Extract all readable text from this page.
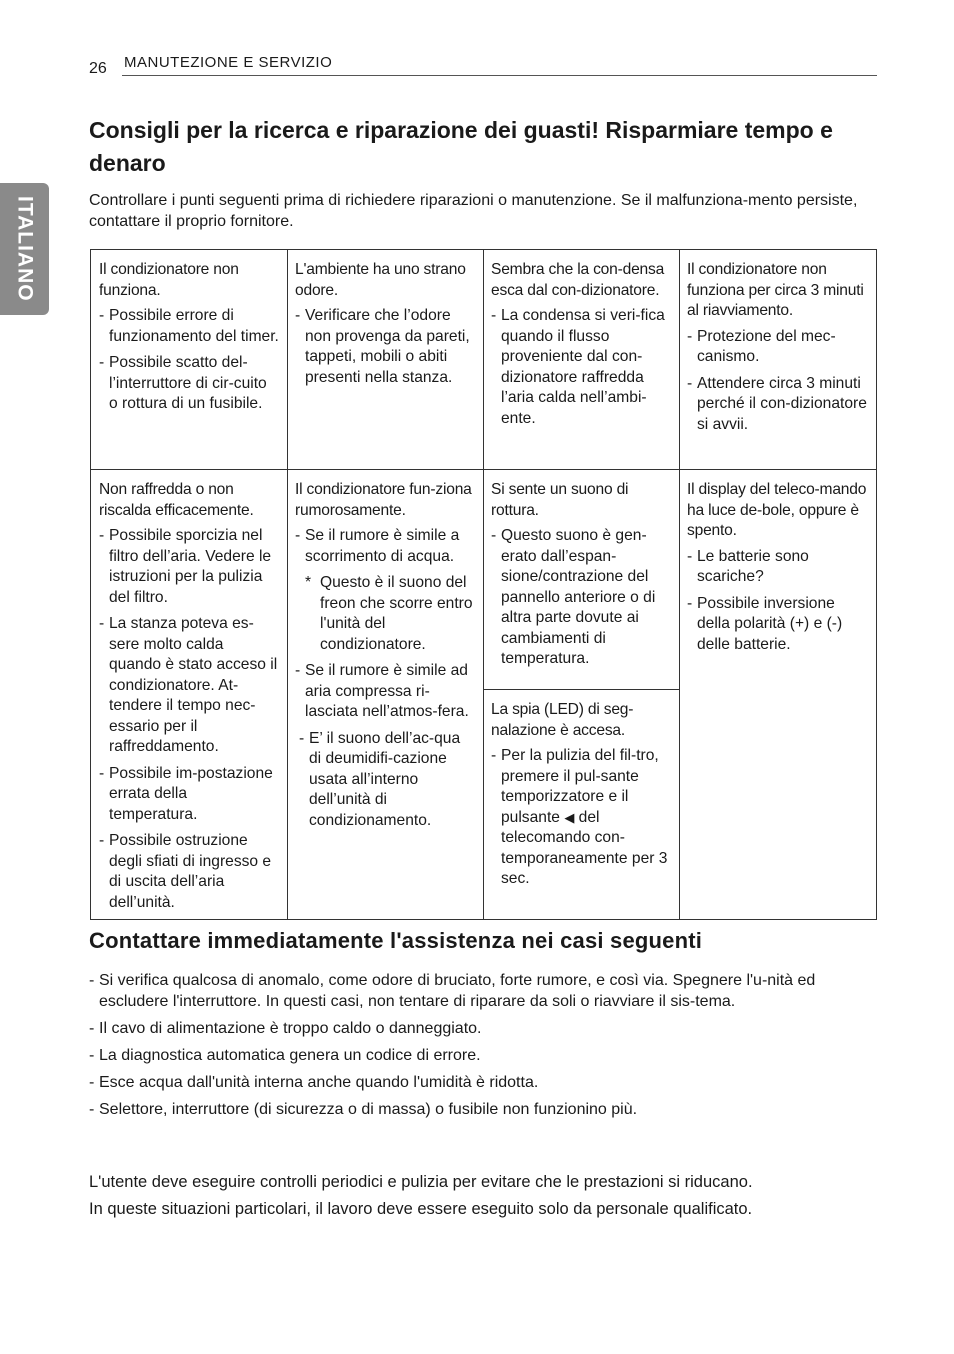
26 MANUTEZIONE E SERVIZIO
ITALIANO
Consigli per la ricerca e riparazione dei guasti! Risparmiare tempo e denaro

Controllare i punti seguenti prima di richiedere riparazioni o manutenzione. Se il malfunziona-mento persiste, contattare il proprio fornitore.

Il condizionatore non funziona.
- Possibile errore di funzionamento del timer.
- Possibile scatto del-l’interruttore di cir-cuito o rottura di un fusibile.
L'ambiente ha uno strano odore.
- Verificare che l’odore non provenga da pareti, tappeti, mobili o abiti presenti nella stanza.
Sembra che la con-densa esca dal con-dizionatore.
- La condensa si veri-fica quando il flusso proveniente dal con-dizionatore raffredda l’aria calda nell’ambi-ente.
Il condizionatore non funziona per circa 3 minuti al riavviamento.
- Protezione del mec-canismo.
- Attendere circa 3 minuti perché il con-dizionatore si avvii.
Non raffredda o non riscalda efficacemente.
- Possibile sporcizia nel filtro dell’aria. Vedere le istruzioni per la pulizia del filtro.
- La stanza poteva es-sere molto calda quando è stato acceso il condizionatore. At-tendere il tempo nec-essario per il raffreddamento.
- Possibile im-postazione errata della temperatura.
- Possibile ostruzione degli sfiati di ingresso e di uscita dell’aria dell’unità.
Il condizionatore fun-ziona rumorosamente.
- Se il rumore è simile a scorrimento di acqua.
* Questo è il suono del freon che scorre entro l'unità del condizionatore.
- Se il rumore è simile ad aria compressa ri-lasciata nell’atmos-fera.
- E’ il suono dell’ac-qua di deumidifi-cazione usata all’interno dell’unità di condizionamento.
Si sente un suono di rottura.
- Questo suono è gen-erato dall’espan-sione/contrazione del pannello anteriore o di altra parte dovute ai cambiamenti di temperatura.
La spia (LED) di seg-nalazione è accesa.
- Per la pulizia del fil-tro, premere il pul-sante temporizzatore e il pulsante ◀ del telecomando con-temporaneamente per 3 sec.
Il display del teleco-mando ha luce de-bole, oppure è spento.
- Le batterie sono scariche?
- Possibile inversione della polarità (+) e (-) delle batterie.
Contattare immediatamente l'assistenza nei casi seguenti
- Si verifica qualcosa di anomalo, come odore di bruciato, forte rumore, e così via. Spegnere l'u-nità ed escludere l'interruttore. In questi casi, non tentare di riparare da soli o riavviare il sis-tema.
- Il cavo di alimentazione è troppo caldo o danneggiato.
- La diagnostica automatica genera un codice di errore.
- Esce acqua dall'unità interna anche quando l'umidità è ridotta.
- Selettore, interruttore (di sicurezza o di massa) o fusibile non funzionino più.

L'utente deve eseguire controlli periodici e pulizia per evitare che le prestazioni si riducano.

In queste situazioni particolari, il lavoro deve essere eseguito solo da personale qualificato.
